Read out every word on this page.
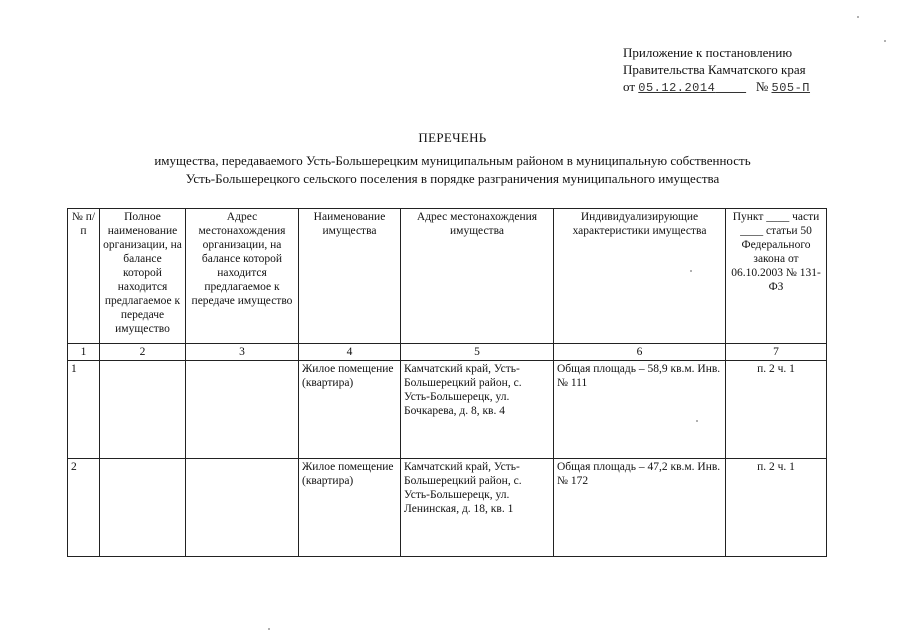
Приложение к постановлению
Правительства Камчатского края
от 05.12.2014	№ 505-П
ПЕРЕЧЕНЬ
имущества, передаваемого Усть-Большерецким муниципальным районом в муниципальную собственность
Усть-Большерецкого сельского поселения в порядке разграничения муниципального имущества
№ п/п	Полное наименование организации, на балансе которой находится предлагаемое к передаче имущество	Адрес местонахождения организации, на балансе которой находится предлагаемое к передаче имущество	Наименование имущества	Адрес местонахождения имущества	Индивидуализирующие характеристики имущества	Пункт ____ части ____ статьи 50 Федерального закона от 06.10.2003 № 131-ФЗ
1	2	3	4	5	6	7
1			Жилое помещение (квартира)	Камчатский край, Усть-Большерецкий район, с. Усть-Большерецк, ул. Бочкарева, д. 8, кв. 4	Общая площадь – 58,9 кв.м. Инв. № 111	п. 2 ч. 1
2			Жилое помещение (квартира)	Камчатский край, Усть-Большерецкий район, с. Усть-Большерецк, ул. Ленинская, д. 18, кв. 1	Общая площадь – 47,2 кв.м. Инв. № 172	п. 2 ч. 1
